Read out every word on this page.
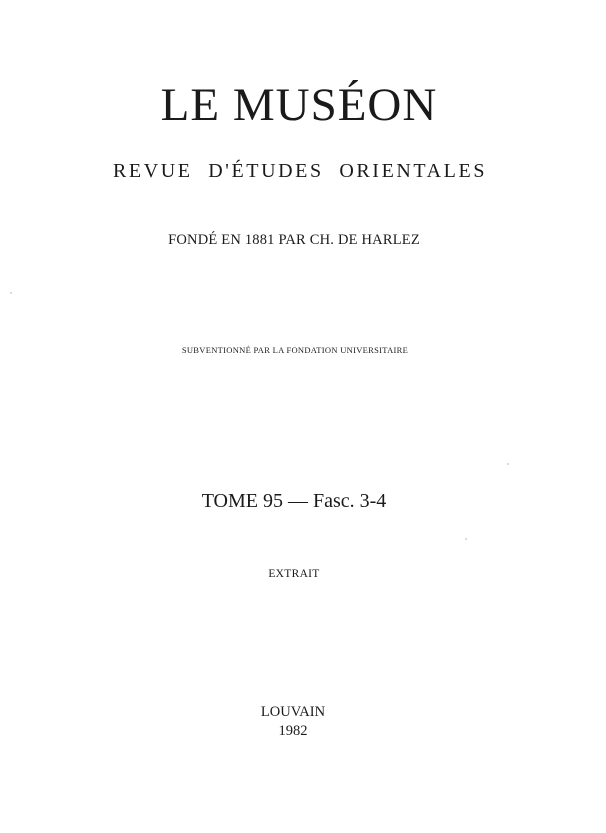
LE MUSÉON
REVUE D'ÉTUDES ORIENTALES
FONDÉ EN 1881 PAR CH. DE HARLEZ
SUBVENTIONNÉ PAR LA FONDATION UNIVERSITAIRE
TOME 95 — Fasc. 3-4
EXTRAIT
LOUVAIN
1982
